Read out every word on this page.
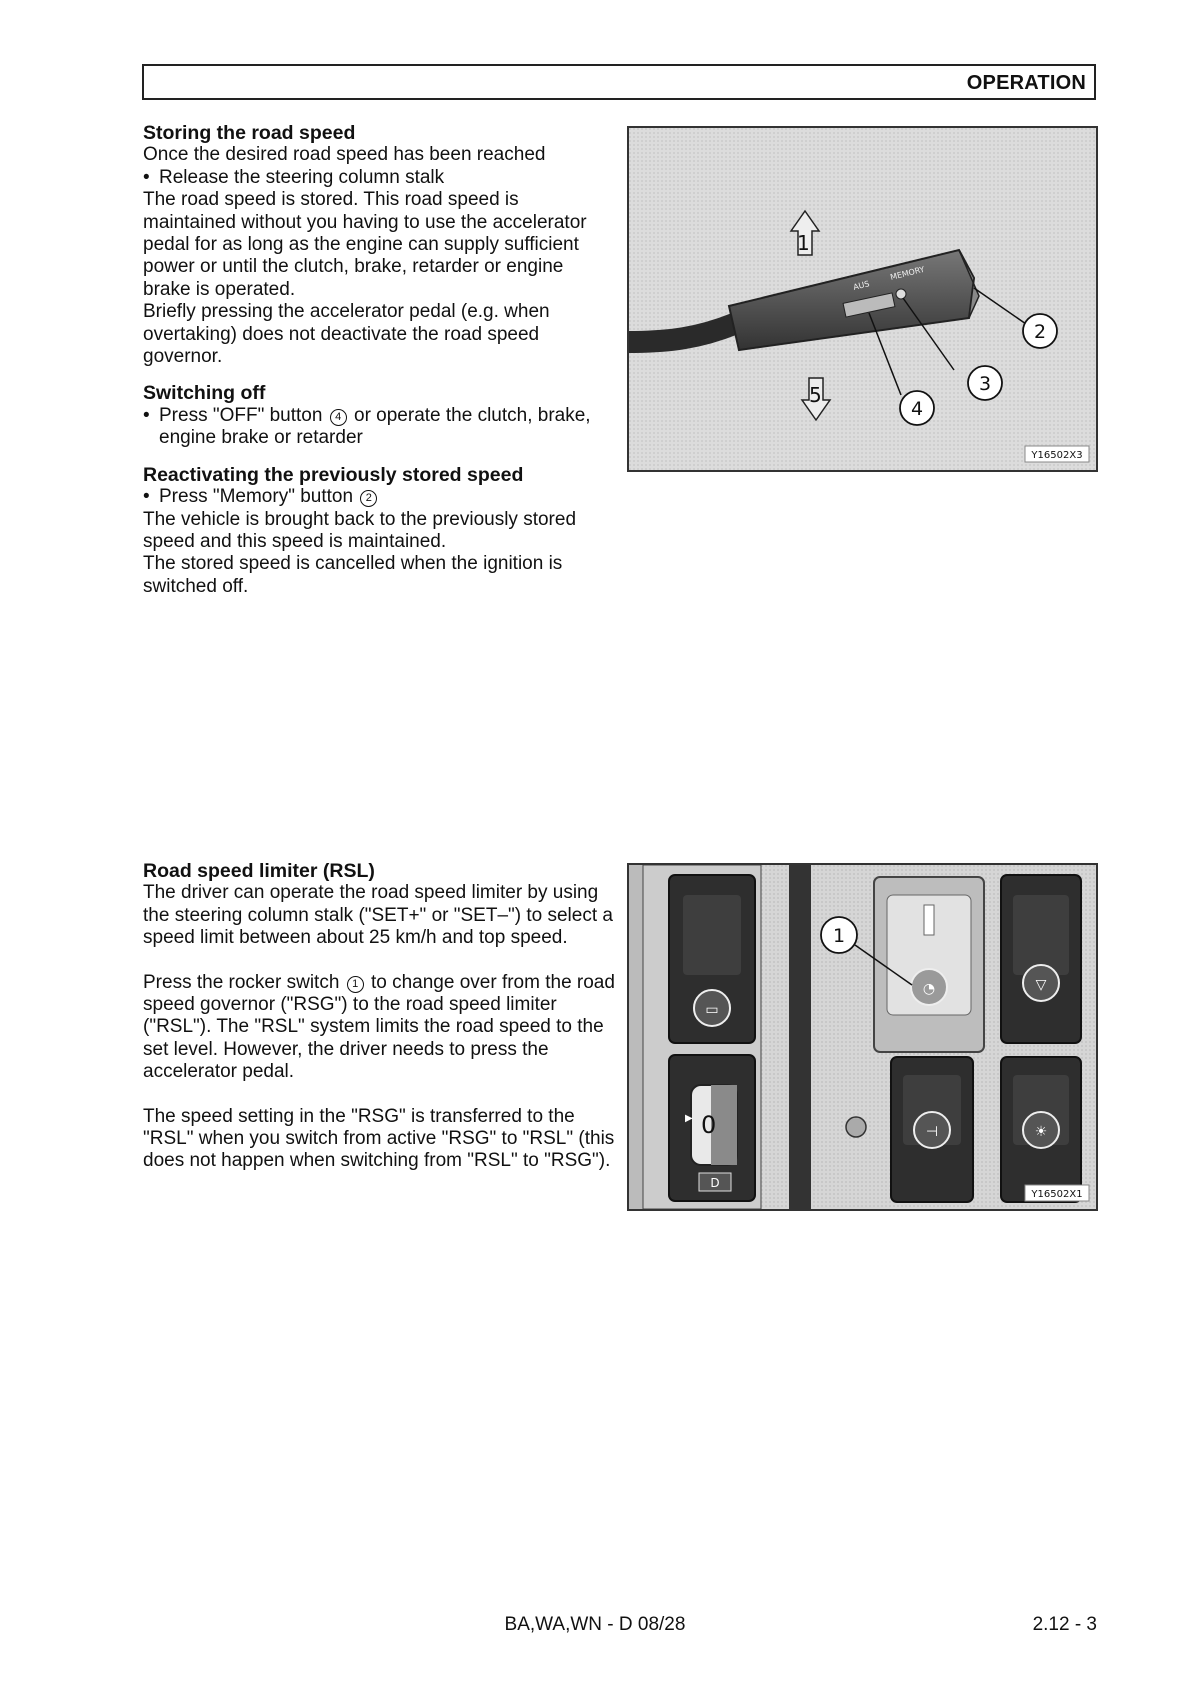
OPERATION
Storing the road speed

Once the desired road speed has been reached

• Release the steering column stalk

The road speed is stored. This road speed is maintained without you having to use the accelerator pedal for as long as the engine can supply sufficient power or until the clutch, brake, retarder or engine brake is operated.

Briefly pressing the accelerator pedal (e.g. when overtaking) does not deactivate the road speed governor.

Switching off
• Press "OFF" button 4 or operate the clutch, brake, engine brake or retarder
Reactivating the previously stored speed
• Press "Memory" button 2

The vehicle is brought back to the previously stored speed and this speed is maintained.

The stored speed is cancelled when the ignition is switched off.

Road speed limiter (RSL)

The driver can operate the road speed limiter by using the steering column stalk ("SET+" or "SET–") to select a speed limit between about 25 km/h and top speed.

Press the rocker switch 1 to change over from the road speed governor ("RSG") to the road speed limiter ("RSL"). The "RSL" system limits the road speed to the set level. However, the driver needs to press the accelerator pedal.

The speed setting in the "RSG" is transferred to the "RSL" when you switch from active "RSG" to "RSL" (this does not happen when switching from "RSL" to "RSG").

AUS
MEMORY
1
5
2
3
4
Y16502X3
▭
0
▶
D
◔	▽
⊣	☀
1
Y16502X1
BA,WA,WN - D 08/28	2.12 - 3
